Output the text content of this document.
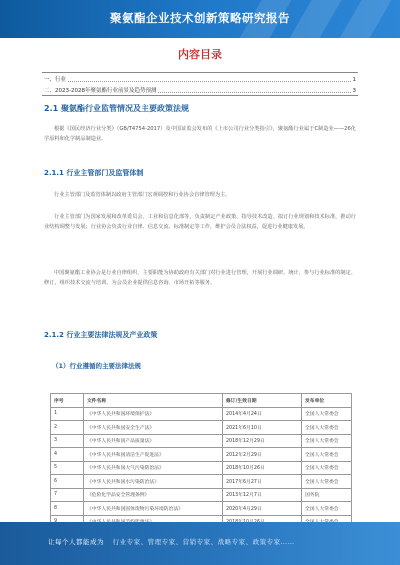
聚氨酯企业技术创新策略研究报告
内容目录
一、行业	1
二、2023-2028年聚氨酯行业前景及趋势预测	3
2.1 聚氨酯行业监管情况及主要政策法规
根据《国民经济行业分类》（GB/T4754-2017）及中国证监会发布的《上市公司行业分类指引》，聚氨酯行业属于C制造业——26化学原料和化学制品制造业。
2.1.1 行业主管部门及监管体制
行业主管部门及监管体制以政府主管部门宏观调控和行业协会自律管理为主。
行业主管部门为国家发展和改革委员会、工业和信息化部等，负责制定产业政策、指导技术改造、拟订行业规划和技术标准，推动行业结构调整与发展；行业协会负责行业自律、信息交流、标准制定等工作，维护会员合法权益，促进行业健康发展。
中国聚氨酯工业协会是行业自律组织，主要职能为协助政府有关部门对行业进行管理，开展行业调研、统计，参与行业标准的制定、修订，组织技术交流与培训，为会员企业提供信息咨询、市场开拓等服务。
2.1.2 行业主要法律法规及产业政策
（1）行业遵循的主要法律法规
序号	文件名称	修订/生效日期	发布单位
1	《中华人民共和国环境保护法》	2014年4月24日	全国人大常委会
2	《中华人民共和国安全生产法》	2021年6月10日	全国人大常委会
3	《中华人民共和国产品质量法》	2018年12月29日	全国人大常委会
4	《中华人民共和国清洁生产促进法》	2012年2月29日	全国人大常委会
5	《中华人民共和国大气污染防治法》	2018年10月26日	全国人大常委会
6	《中华人民共和国水污染防治法》	2017年6月27日	全国人大常委会
7	《危险化学品安全管理条例》	2013年12月7日	国务院
8	《中华人民共和国固体废物污染环境防治法》	2020年4月29日	全国人大常委会

让每个人都能成为 行业专家、管理专家、营销专家、战略专家、政策专家……
